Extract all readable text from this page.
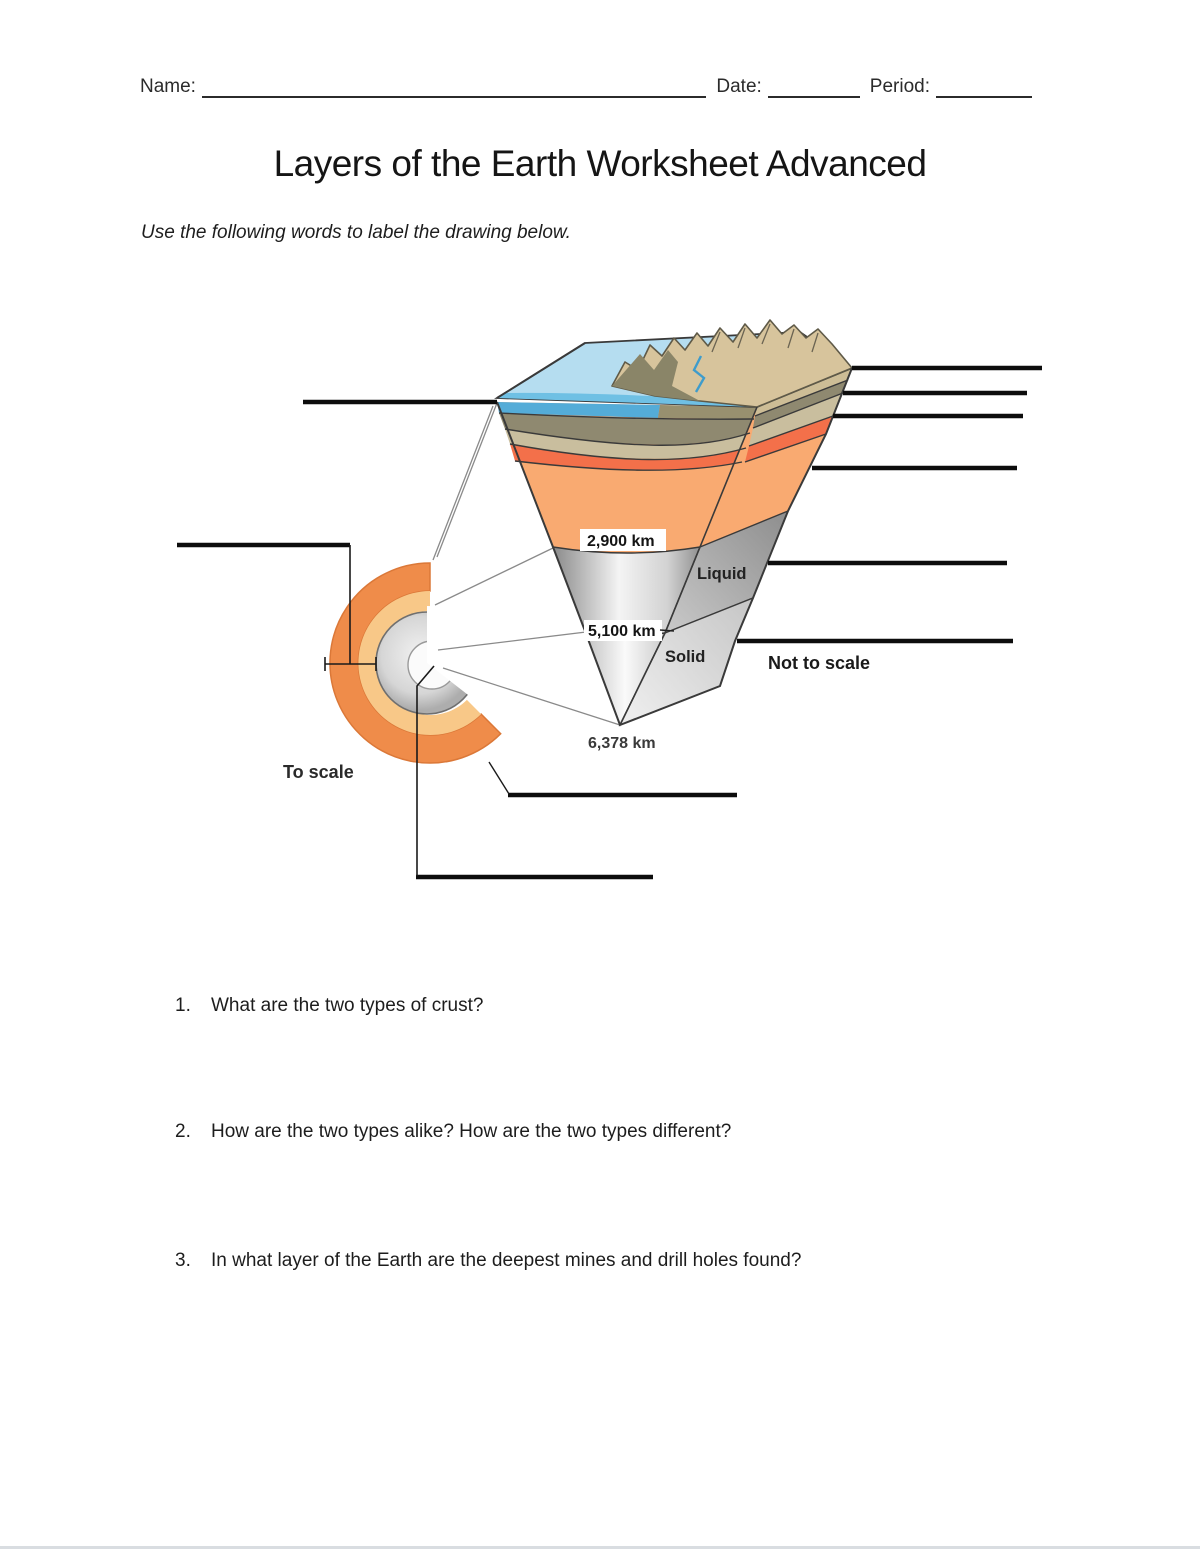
Name:	Date:	Period:
Layers of the Earth Worksheet Advanced
Use the following words to label the drawing below.
2,900 km
Liquid
5,100 km
Solid	Not to scale
6,378 km
To scale
1.	What are the two types of crust?
2.	How are the two types alike? How are the two types different?
3.	In what layer of the Earth are the deepest mines and drill holes found?
